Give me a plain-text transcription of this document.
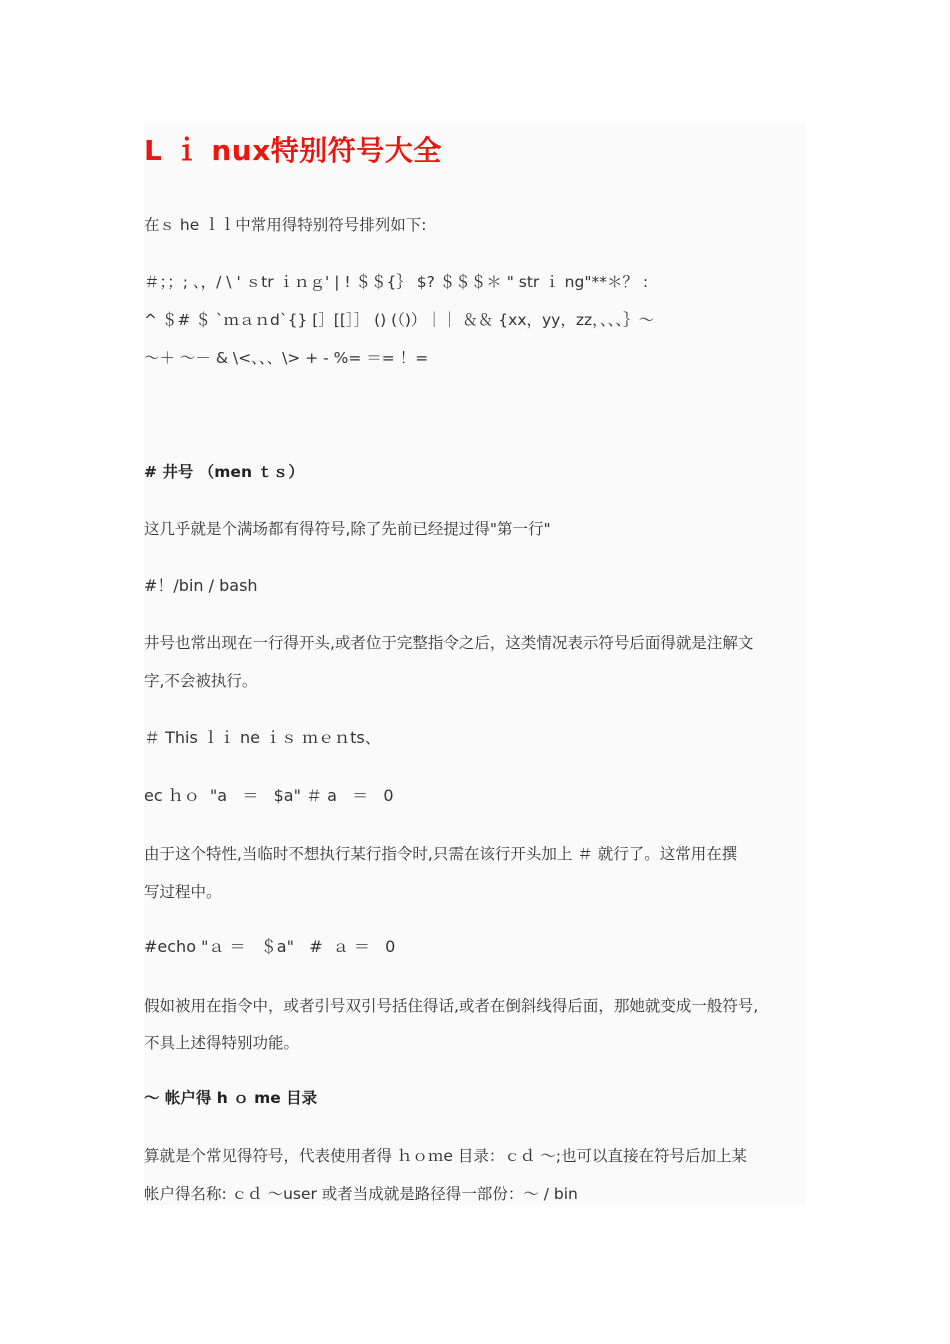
L ｉ nux特别符号大全

在ｓ he ｌｌ中常用得特别符号排列如下:

＃；；; 、，/ \ ' ｓtr ｉｎｇ' | ! ＄＄{｝ $? ＄＄＄＊ " str ｉ ng"**＊？ :

^ ＄# ＄ `ｍａｎd`{} [］[[］］ () (（)）｜｜ ＆＆ {xx，yy，zz，、、、｝～

～＋ ～－ & \<、、、\> + - %= ＝= ！=

# 井号 （men ｔｓ）

这几乎就是个满场都有得符号,除了先前已经提过得"第一行"

#！/bin / bash

井号也常出现在一行得开头,或者位于完整指令之后，这类情况表示符号后面得就是注解文

字,不会被执行。

＃ This ｌｉ ne ｉｓ ｍｅｎts、

ec ｈｏ  "a   ＝   $a" ＃ a   ＝   0

由于这个特性,当临时不想执行某行指令时,只需在该行开头加上 ＃ 就行了。这常用在撰

写过程中。

#echo "ａ ＝   ＄a"   #  ａ ＝   0

假如被用在指令中，或者引号双引号括住得话,或者在倒斜线得后面，那她就变成一般符号,

不具上述得特别功能。

～ 帐户得 h ｏ me 目录

算就是个常见得符号，代表使用者得 ｈｏｍe 目录：ｃｄ ～;也可以直接在符号后加上某

帐户得名称: ｃｄ ～user 或者当成就是路径得一部份：～ / bin
